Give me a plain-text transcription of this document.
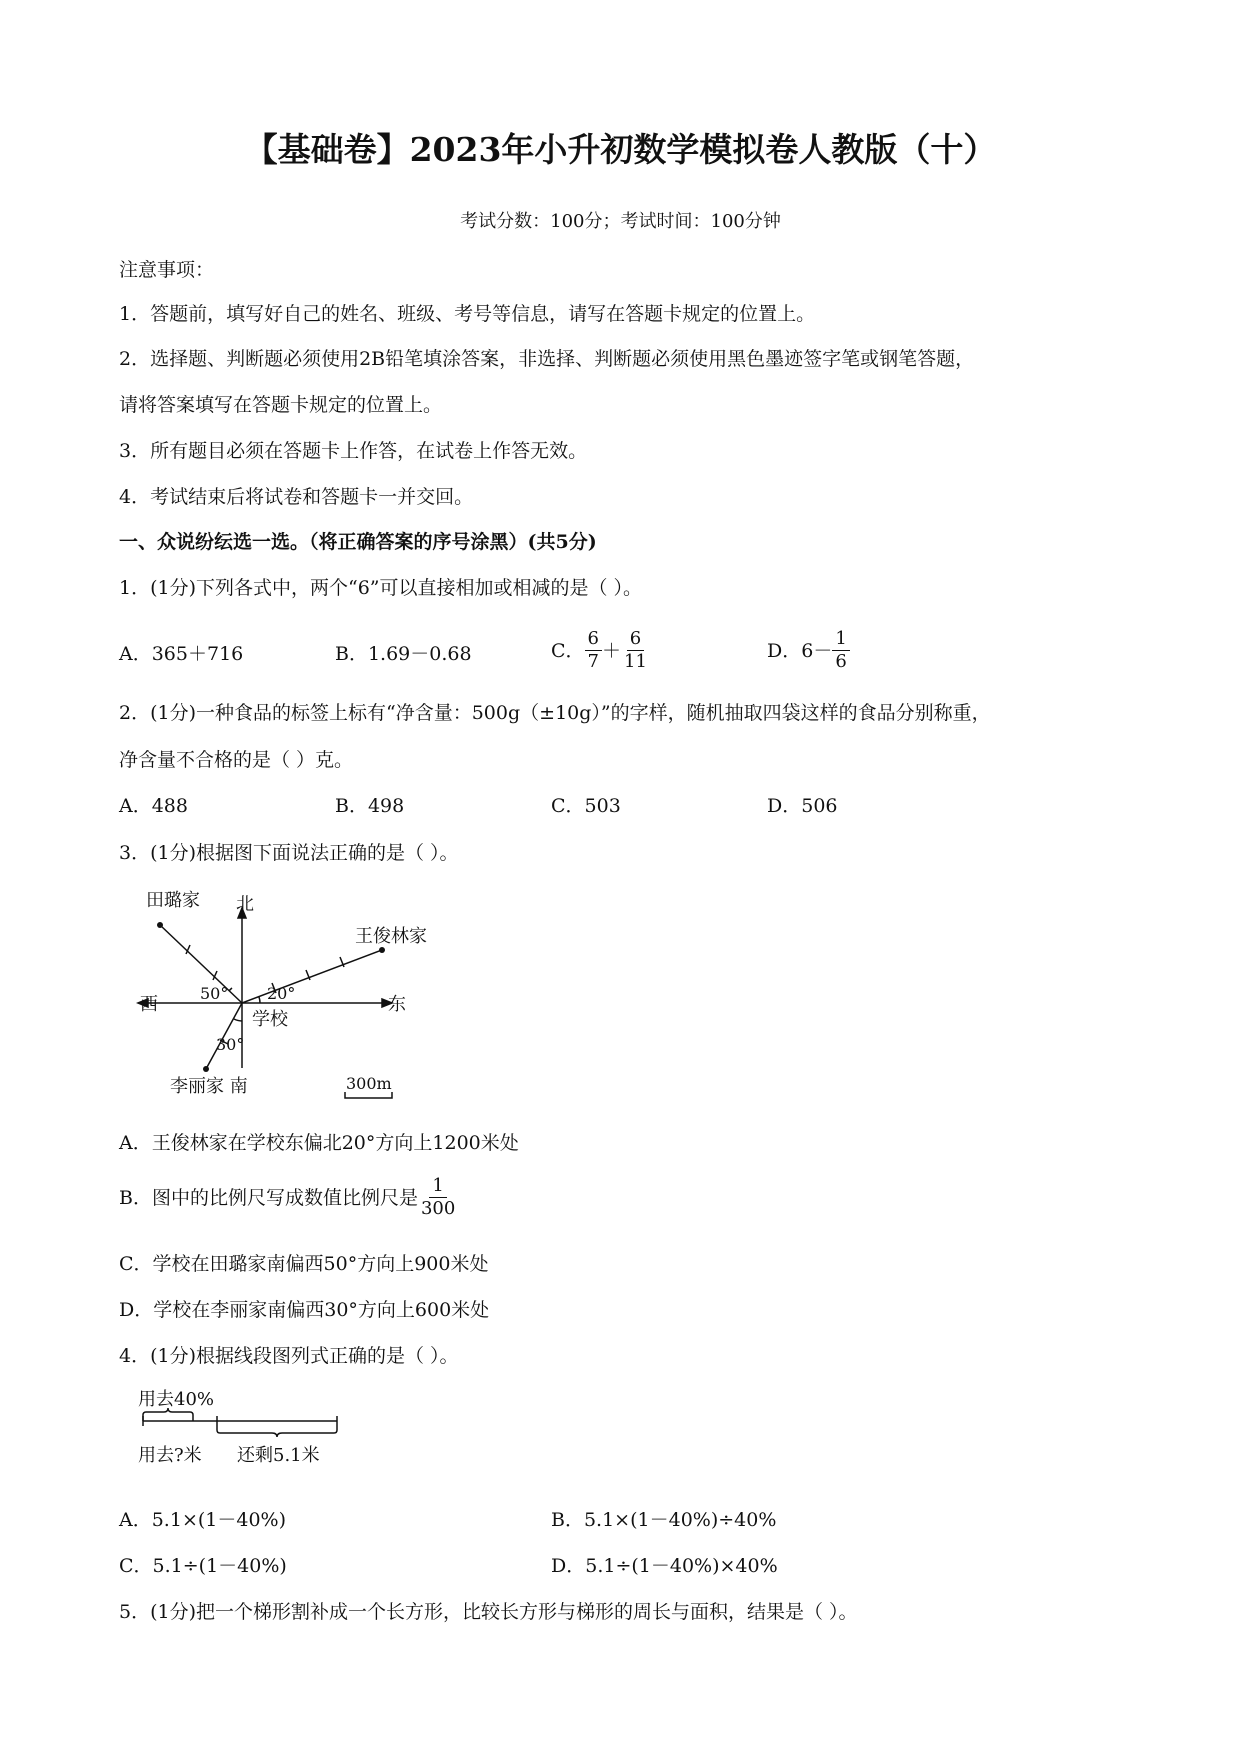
【基础卷】2023年小升初数学模拟卷人教版（十）
考试分数：100分；考试时间：100分钟
注意事项：
1．答题前，填写好自己的姓名、班级、考号等信息，请写在答题卡规定的位置上。
2．选择题、判断题必须使用2B铅笔填涂答案，非选择、判断题必须使用黑色墨迹签字笔或钢笔答题，
请将答案填写在答题卡规定的位置上。
3．所有题目必须在答题卡上作答，在试卷上作答无效。
4．考试结束后将试卷和答题卡一并交回。
一、众说纷纭选一选。（将正确答案的序号涂黑）(共5分)
1．(1分)下列各式中，两个“6”可以直接相加或相减的是（ ）。
A．365＋716	B．1.69－0.68	C． $\frac{6}{7} + \frac{6}{11}$	D．$6- \frac{1}{6}$
2．(1分)一种食品的标签上标有“净含量：500g（±10g）”的字样，随机抽取四袋这样的食品分别称重，
净含量不合格的是（ ）克。
A．488	B．498	C．503	D．506
3．(1分)根据图下面说法正确的是（ ）。
田璐家 北
王俊林家
西	东
学校
50° 20°
30°
李丽家 南	300m
A．王俊林家在学校东偏北20°方向上1200米处
B．图中的比例尺写成数值比例尺是 $\frac{1}{300}$
C．学校在田璐家南偏西50°方向上900米处
D．学校在李丽家南偏西30°方向上600米处
4．(1分)根据线段图列式正确的是（ ）。
用去40%
用去?米 还剩5.1米
A．5.1×(1－40%)	B．5.1×(1－40%)÷40%
C．5.1÷(1－40%)	D．5.1÷(1－40%)×40%
5．(1分)把一个梯形割补成一个长方形，比较长方形与梯形的周长与面积，结果是（ ）。
